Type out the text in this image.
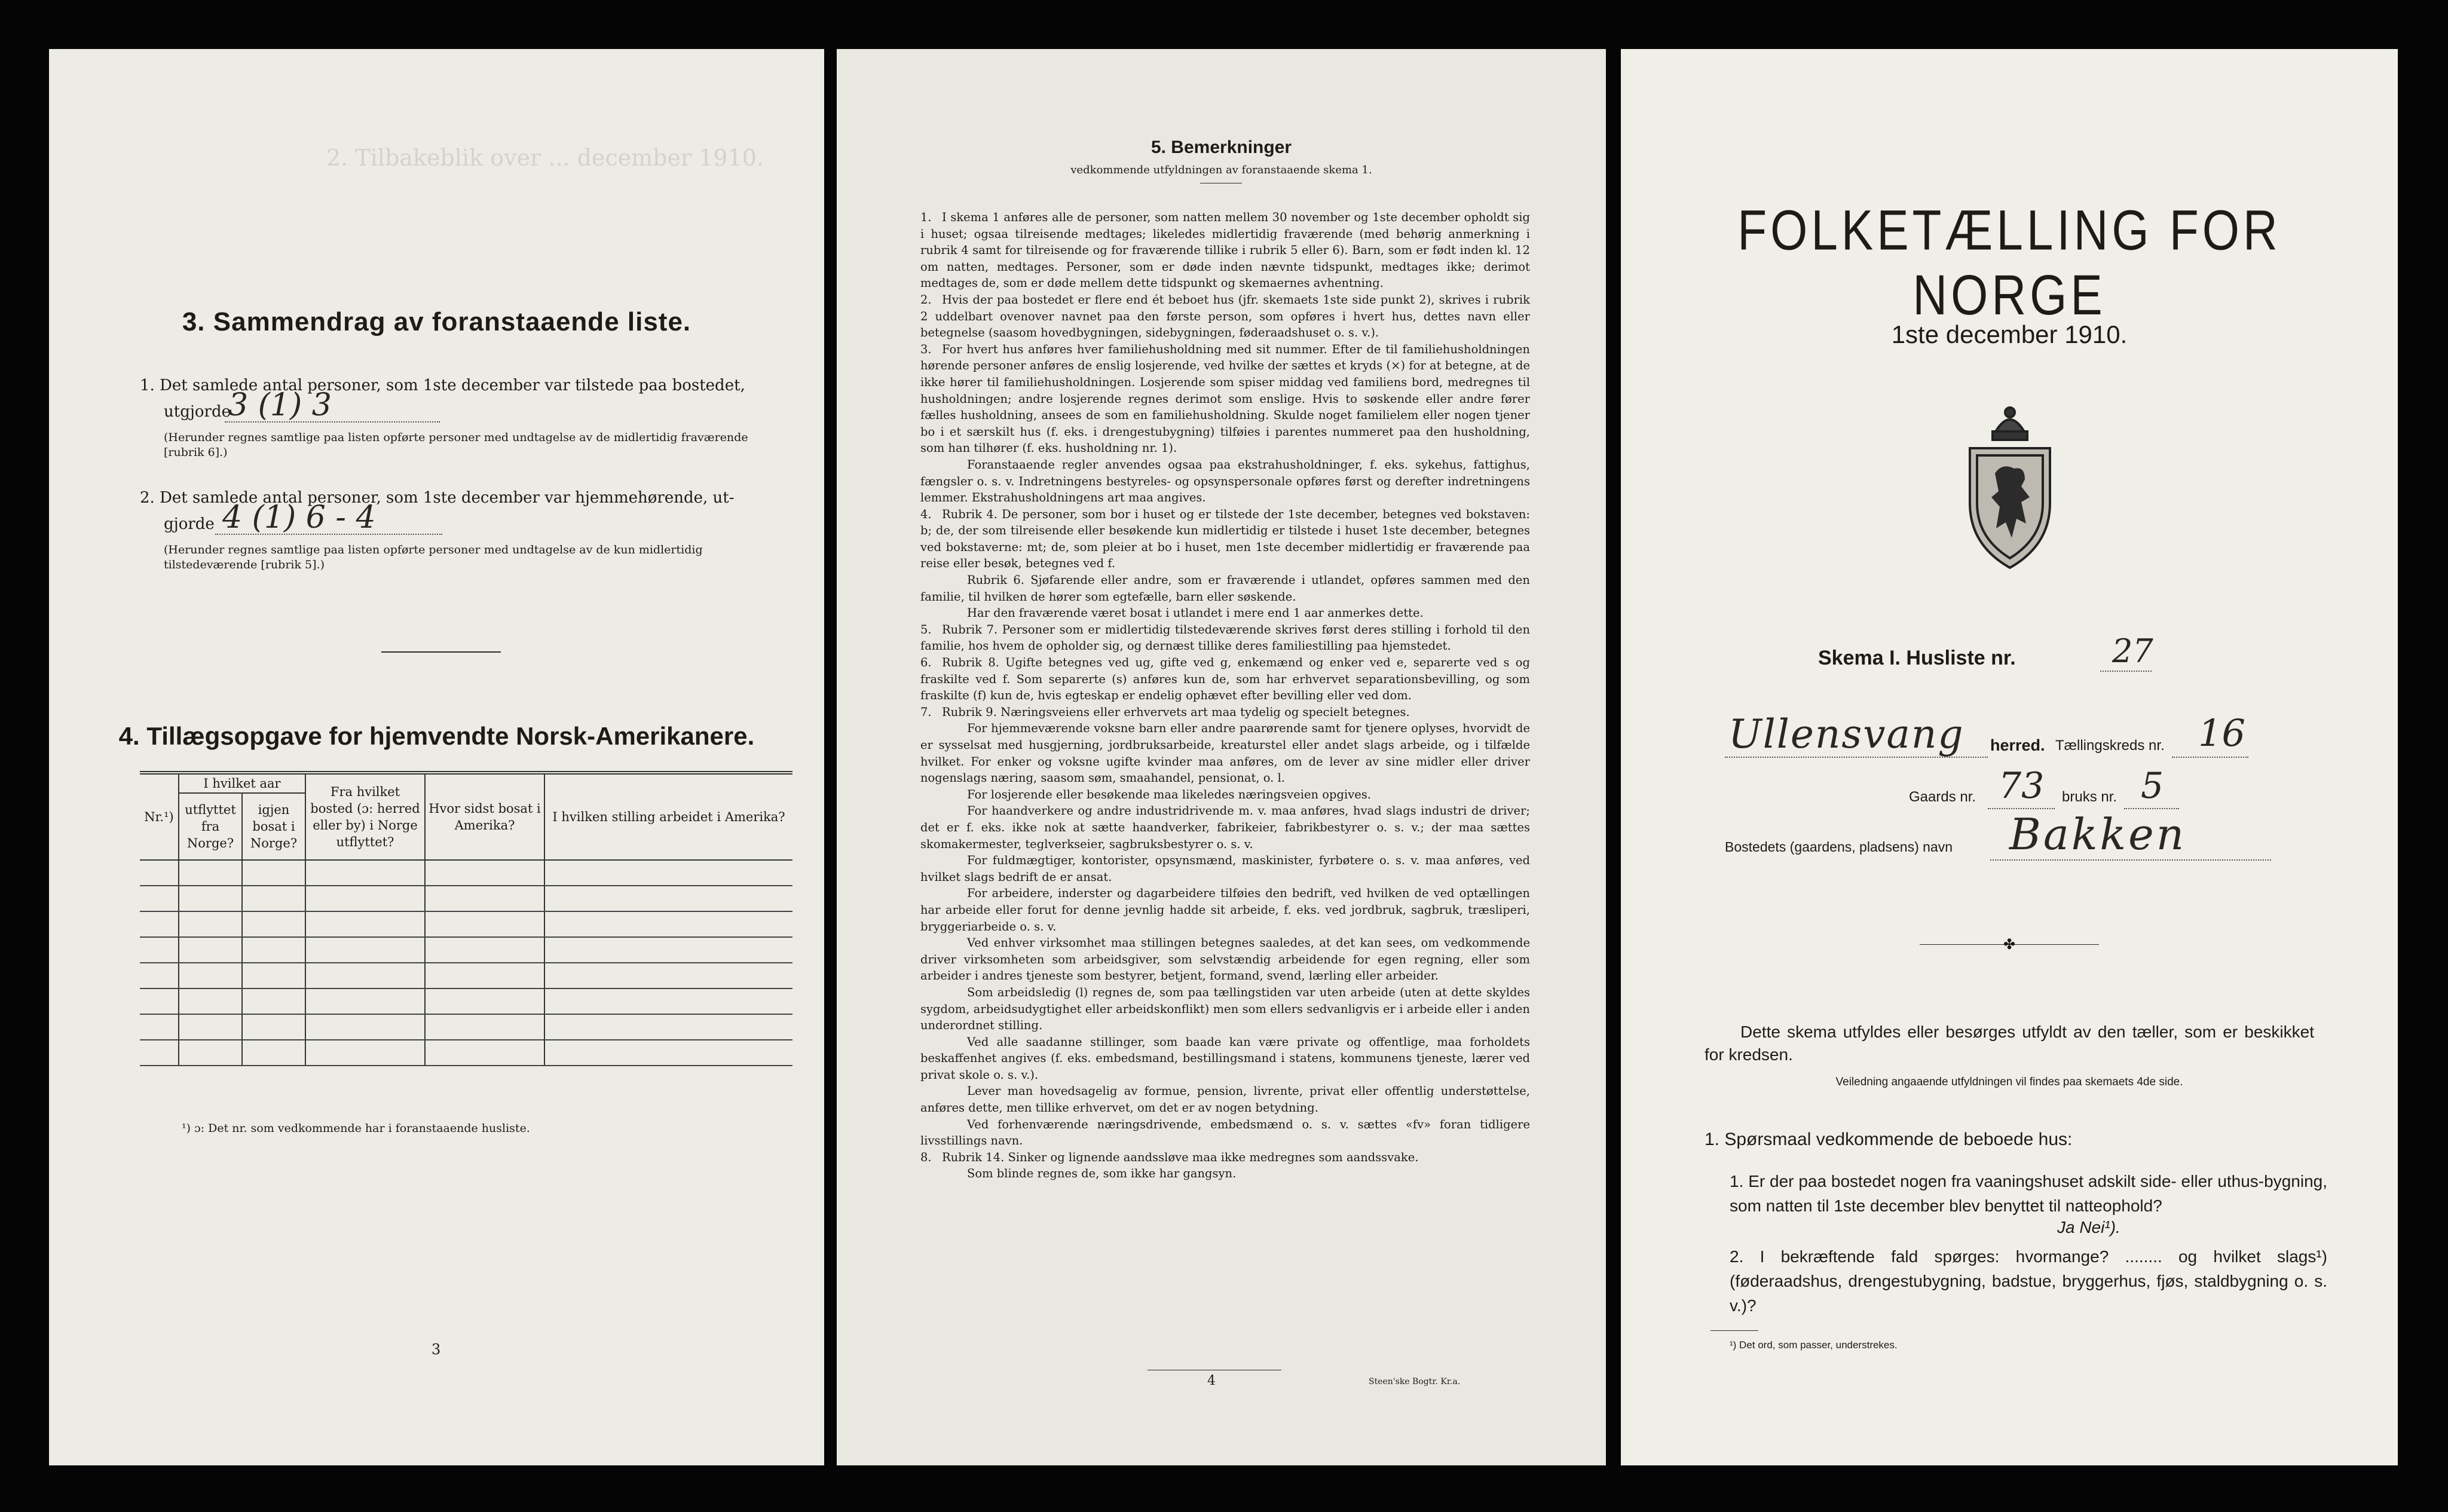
2. Tilbakeblik over ... december 1910.
3. Sammendrag av foranstaaende liste.
1. Det samlede antal personer, som 1ste december var tilstede paa bostedet,
utgjorde
3 (1) 3
(Herunder regnes samtlige paa listen opførte personer med undtagelse av de midlertidig fraværende [rubrik 6].)
2. Det samlede antal personer, som 1ste december var hjemmehørende, ut-
gjorde 4 (1) 6 - 4
(Herunder regnes samtlige paa listen opførte personer med undtagelse av de kun midlertidig tilstedeværende [rubrik 5].)
4. Tillægsopgave for hjemvendte Norsk-Amerikanere.
Nr.¹)	I hvilket aar		Fra hvilket bosted (ɔ: herred eller by) i Norge utflyttet?	Hvor sidst bosat i Amerika?	I hvilken stilling arbeidet i Amerika?
	utflyttet fra Norge?	igjen bosat i Norge?			

¹) ɔ: Det nr. som vedkommende har i foranstaaende husliste.
3
5. Bemerkninger
vedkommende utfyldningen av foranstaaende skema 1.
1. I skema 1 anføres alle de personer, som natten mellem 30 november og 1ste december opholdt sig i huset; ogsaa tilreisende medtages; likeledes midlertidig fraværende (med behørig anmerkning i rubrik 4 samt for tilreisende og for fraværende tillike i rubrik 5 eller 6). Barn, som er født inden kl. 12 om natten, medtages. Personer, som er døde inden nævnte tidspunkt, medtages ikke; derimot medtages de, som er døde mellem dette tidspunkt og skemaernes avhentning.
2. Hvis der paa bostedet er flere end ét beboet hus (jfr. skemaets 1ste side punkt 2), skrives i rubrik 2 uddelbart ovenover navnet paa den første person, som opføres i hvert hus, dettes navn eller betegnelse (saasom hovedbygningen, sidebygningen, føderaadshuset o. s. v.).
3. For hvert hus anføres hver familiehusholdning med sit nummer. Efter de til familiehusholdningen hørende personer anføres de enslig losjerende, ved hvilke der sættes et kryds (×) for at betegne, at de ikke hører til familiehusholdningen. Losjerende som spiser middag ved familiens bord, medregnes til husholdningen; andre losjerende regnes derimot som enslige. Hvis to søskende eller andre fører fælles husholdning, ansees de som en familiehusholdning. Skulde noget familielem eller nogen tjener bo i et særskilt hus (f. eks. i drengestubygning) tilføies i parentes nummeret paa den husholdning, som han tilhører (f. eks. husholdning nr. 1).
Foranstaaende regler anvendes ogsaa paa ekstrahusholdninger, f. eks. sykehus, fattighus, fængsler o. s. v. Indretningens bestyreles- og opsynspersonale opføres først og derefter indretningens lemmer. Ekstrahusholdningens art maa angives.
4. Rubrik 4. De personer, som bor i huset og er tilstede der 1ste december, betegnes ved bokstaven: b; de, der som tilreisende eller besøkende kun midlertidig er tilstede i huset 1ste december, betegnes ved bokstaverne: mt; de, som pleier at bo i huset, men 1ste december midlertidig er fraværende paa reise eller besøk, betegnes ved f.
Rubrik 6. Sjøfarende eller andre, som er fraværende i utlandet, opføres sammen med den familie, til hvilken de hører som egtefælle, barn eller søskende.
Har den fraværende været bosat i utlandet i mere end 1 aar anmerkes dette.
5. Rubrik 7. Personer som er midlertidig tilstedeværende skrives først deres stilling i forhold til den familie, hos hvem de opholder sig, og dernæst tillike deres familiestilling paa hjemstedet.
6. Rubrik 8. Ugifte betegnes ved ug, gifte ved g, enkemænd og enker ved e, separerte ved s og fraskilte ved f. Som separerte (s) anføres kun de, som har erhvervet separationsbevilling, og som fraskilte (f) kun de, hvis egteskap er endelig ophævet efter bevilling eller ved dom.
7. Rubrik 9. Næringsveiens eller erhvervets art maa tydelig og specielt betegnes.
For hjemmeværende voksne barn eller andre paarørende samt for tjenere oplyses, hvorvidt de er sysselsat med husgjerning, jordbruksarbeide, kreaturstel eller andet slags arbeide, og i tilfælde hvilket. For enker og voksne ugifte kvinder maa anføres, om de lever av sine midler eller driver nogenslags næring, saasom søm, smaahandel, pensionat, o. l.
For losjerende eller besøkende maa likeledes næringsveien opgives.
For haandverkere og andre industridrivende m. v. maa anføres, hvad slags industri de driver; det er f. eks. ikke nok at sætte haandverker, fabrikeier, fabrikbestyrer o. s. v.; der maa sættes skomakermester, teglverkseier, sagbruksbestyrer o. s. v.
For fuldmægtiger, kontorister, opsynsmænd, maskinister, fyrbøtere o. s. v. maa anføres, ved hvilket slags bedrift de er ansat.
For arbeidere, inderster og dagarbeidere tilføies den bedrift, ved hvilken de ved optællingen har arbeide eller forut for denne jevnlig hadde sit arbeide, f. eks. ved jordbruk, sagbruk, træsliperi, bryggeriarbeide o. s. v.
Ved enhver virksomhet maa stillingen betegnes saaledes, at det kan sees, om vedkommende driver virksomheten som arbeidsgiver, som selvstændig arbeidende for egen regning, eller som arbeider i andres tjeneste som bestyrer, betjent, formand, svend, lærling eller arbeider.
Som arbeidsledig (l) regnes de, som paa tællingstiden var uten arbeide (uten at dette skyldes sygdom, arbeidsudygtighet eller arbeidskonflikt) men som ellers sedvanligvis er i arbeide eller i anden underordnet stilling.
Ved alle saadanne stillinger, som baade kan være private og offentlige, maa forholdets beskaffenhet angives (f. eks. embedsmand, bestillingsmand i statens, kommunens tjeneste, lærer ved privat skole o. s. v.).
Lever man hovedsagelig av formue, pension, livrente, privat eller offentlig understøttelse, anføres dette, men tillike erhvervet, om det er av nogen betydning.
Ved forhenværende næringsdrivende, embedsmænd o. s. v. sættes «fv» foran tidligere livsstillings navn.
8. Rubrik 14. Sinker og lignende aandssløve maa ikke medregnes som aandssvake.
Som blinde regnes de, som ikke har gangsyn.
4	Steen'ske Bogtr. Kr.a.
FOLKETÆLLING FOR NORGE
1ste december 1910.
Skema I. Husliste nr.	27
Ullensvang herred. Tællingskreds nr. 16
Gaards nr. 73 bruks nr. 5
Bostedets (gaardens, pladsens) navn Bakken
✤
Dette skema utfyldes eller besørges utfyldt av den tæller, som er beskikket for kredsen.
Veiledning angaaende utfyldningen vil findes paa skemaets 4de side.
1. Spørsmaal vedkommende de beboede hus:
1. Er der paa bostedet nogen fra vaaningshuset adskilt side- eller uthus-bygning, som natten til 1ste december blev benyttet til natteophold?
Ja Nei¹).
2. I bekræftende fald spørges: hvormange? ........ og hvilket slags¹) (føderaadshus, drengestubygning, badstue, bryggerhus, fjøs, staldbygning o. s. v.)?
¹) Det ord, som passer, understrekes.
